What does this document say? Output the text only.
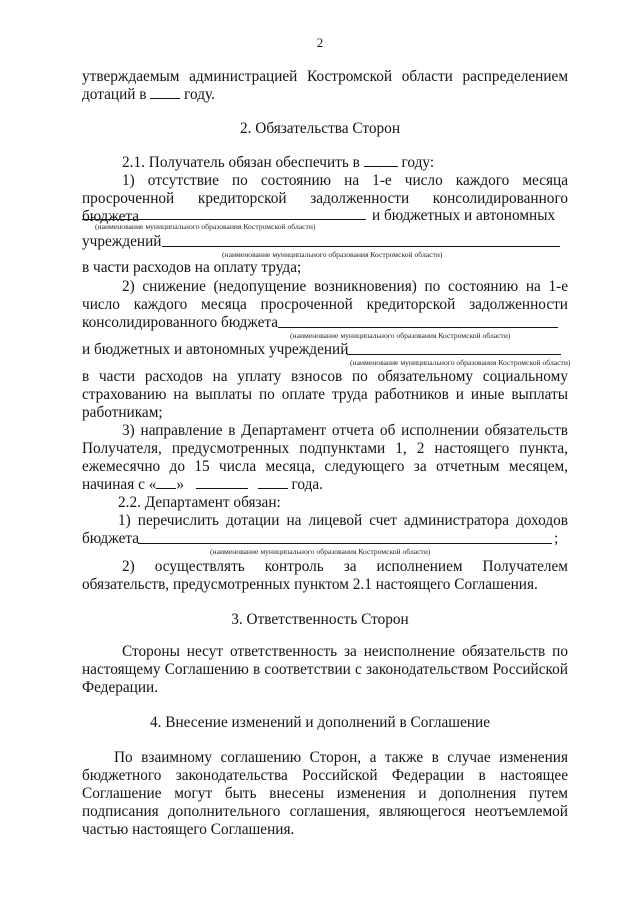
2
утверждаемым администрацией Костромской области распределением
дотаций в году.
2. Обязательства Сторон
2.1. Получатель обязан обеспечить в	году:
1) отсутствие по состоянию на 1-е число каждого месяца
просроченной кредиторской задолженности консолидированного бюджета	и бюджетных и автономных
(наименование муниципального образования Костромской области)
учреждений
(наименование муниципального образования Костромской области)
в части расходов на оплату труда;
2) снижение (недопущение возникновения) по состоянию на 1-е
число каждого месяца просроченной кредиторской задолженности
консолидированного бюджета
(наименование муниципального образования Костромской области)
и бюджетных и автономных учреждений
(наименование муниципального образования Костромской области)
в части расходов на уплату взносов по обязательному социальному
страхованию на выплаты по оплате труда работников и иные выплаты
работникам;
3) направление в Департамент отчета об исполнении обязательств
Получателя, предусмотренных подпунктами 1, 2 настоящего пункта,
ежемесячно до 15 числа месяца, следующего за отчетным месяцем,
начиная с « »	года.
2.2. Департамент обязан:
1) перечислить дотации на лицевой счет администратора доходов
бюджета	;
(наименование муниципального образования Костромской области)
2) осуществлять контроль за исполнением Получателем
обязательств, предусмотренных пунктом 2.1 настоящего Соглашения.
3. Ответственность Сторон
Стороны несут ответственность за неисполнение обязательств по
настоящему Соглашению в соответствии с законодательством Российской
Федерации.
4. Внесение изменений и дополнений в Соглашение
По взаимному соглашению Сторон, а также в случае изменения
бюджетного законодательства Российской Федерации в настоящее
Соглашение могут быть внесены изменения и дополнения путем
подписания дополнительного соглашения, являющегося неотъемлемой
частью настоящего Соглашения.
